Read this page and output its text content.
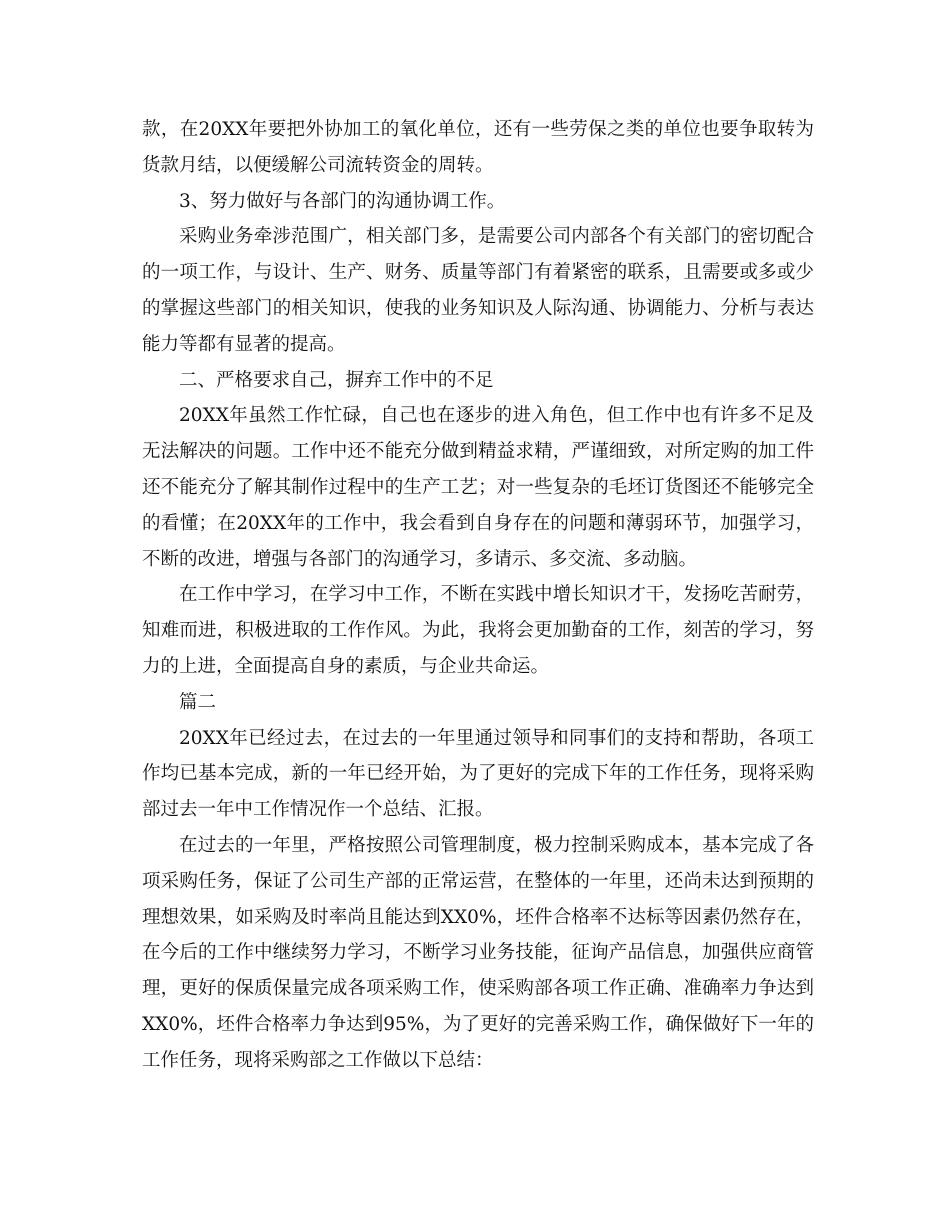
款，在20XX年要把外协加工的氧化单位，还有一些劳保之类的单位也要争取转为货款月结，以便缓解公司流转资金的周转。

3、努力做好与各部门的沟通协调工作。

采购业务牵涉范围广，相关部门多，是需要公司内部各个有关部门的密切配合的一项工作，与设计、生产、财务、质量等部门有着紧密的联系，且需要或多或少的掌握这些部门的相关知识，使我的业务知识及人际沟通、协调能力、分析与表达能力等都有显著的提高。

二、严格要求自己，摒弃工作中的不足

20XX年虽然工作忙碌，自己也在逐步的进入角色，但工作中也有许多不足及无法解决的问题。工作中还不能充分做到精益求精，严谨细致，对所定购的加工件还不能充分了解其制作过程中的生产工艺；对一些复杂的毛坯订货图还不能够完全的看懂；在20XX年的工作中，我会看到自身存在的问题和薄弱环节，加强学习，不断的改进，增强与各部门的沟通学习，多请示、多交流、多动脑。

在工作中学习，在学习中工作，不断在实践中增长知识才干，发扬吃苦耐劳，知难而进，积极进取的工作作风。为此，我将会更加勤奋的工作，刻苦的学习，努力的上进，全面提高自身的素质，与企业共命运。

篇二

20XX年已经过去，在过去的一年里通过领导和同事们的支持和帮助，各项工作均已基本完成，新的一年已经开始，为了更好的完成下年的工作任务，现将采购部过去一年中工作情况作一个总结、汇报。

在过去的一年里，严格按照公司管理制度，极力控制采购成本，基本完成了各项采购任务，保证了公司生产部的正常运营，在整体的一年里，还尚未达到预期的理想效果，如采购及时率尚且能达到XX0%，坯件合格率不达标等因素仍然存在，在今后的工作中继续努力学习，不断学习业务技能，征询产品信息，加强供应商管理，更好的保质保量完成各项采购工作，使采购部各项工作正确、准确率力争达到XX0%，坯件合格率力争达到95%，为了更好的完善采购工作，确保做好下一年的工作任务，现将采购部之工作做以下总结：
